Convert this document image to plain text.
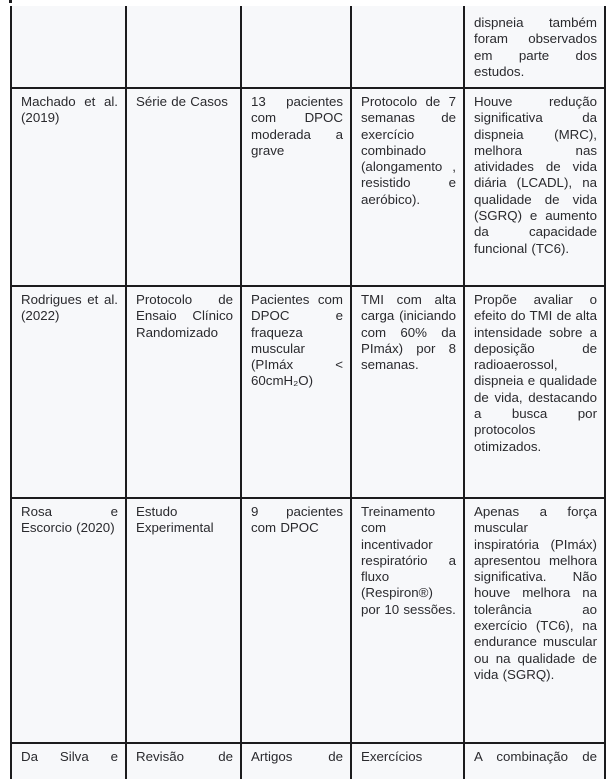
				dispneia também foram observados em parte dos estudos.
Machado et al. (2019)	Série de Casos	13 pacientes com DPOC moderada a grave	Protocolo de 7 semanas de exercício combinado (alongamento , resistido e aeróbico).	Houve redução significativa da dispneia (MRC), melhora nas atividades de vida diária (LCADL), na qualidade de vida (SGRQ) e aumento da capacidade funcional (TC6).
Rodrigues et al. (2022)	Protocolo de Ensaio Clínico Randomizado	Pacientes com DPOC e fraqueza muscular (PImáx < 60cmH₂O)	TMI com alta carga (iniciando com 60% da PImáx) por 8 semanas.	Propõe avaliar o efeito do TMI de alta intensidade sobre a deposição de radioaerossol, dispneia e qualidade de vida, destacando a busca por protocolos otimizados.
Rosa e Escorcio (2020)	Estudo Experimental	9 pacientes com DPOC	Treinamento com incentivador respiratório a fluxo (Respiron®) por 10 sessões.	Apenas a força muscular inspiratória (PImáx) apresentou melhora significativa. Não houve melhora na tolerância ao exercício (TC6), na endurance muscular ou na qualidade de vida (SGRQ).
Da Silva e	Revisão de	Artigos de	Exercícios	A combinação de
